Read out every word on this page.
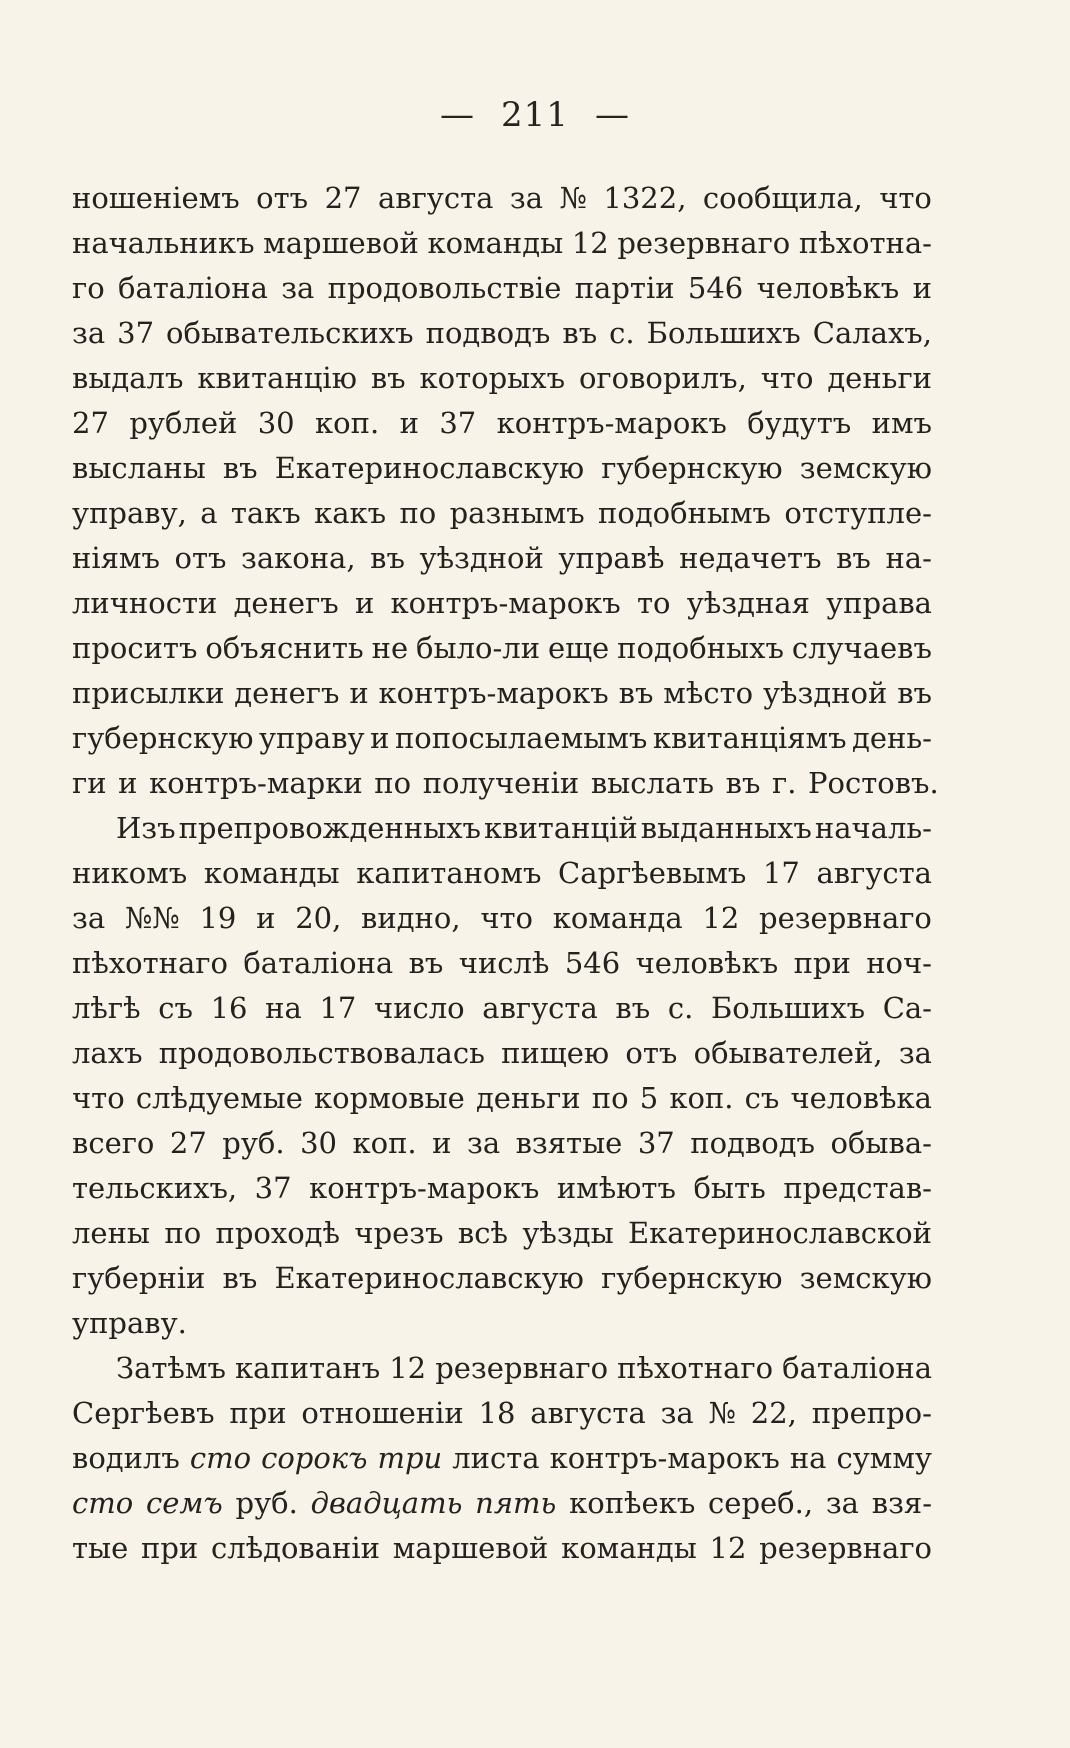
— 211 —
ношеніемъ отъ 27 августа за № 1322, сообщила, что
начальникъ маршевой команды 12 резервнаго пѣхотна-
го баталіона за продовольствіе партіи 546 человѣкъ и
за 37 обывательскихъ подводъ въ с. Большихъ Салахъ,
выдалъ квитанцію въ которыхъ оговорилъ, что деньги
27 рублей 30 коп. и 37 контръ-марокъ будутъ имъ
высланы въ Екатеринославскую губернскую земскую
управу, а такъ какъ по разнымъ подобнымъ отступле-
ніямъ отъ закона, въ уѣздной управѣ недачетъ въ на-
личности денегъ и контръ-марокъ то уѣздная управа
проситъ объяснить не было-ли еще подобныхъ случаевъ
присылки денегъ и контръ-марокъ въ мѣсто уѣздной въ
губернскую управу и попосылаемымъ квитанціямъ день-
ги и контръ-марки по полученіи выслать въ г. Ростовъ.
Изъ препровожденныхъ квитанцій выданныхъ началь-
никомъ команды капитаномъ Саргѣевымъ 17 августа
за №№ 19 и 20, видно, что команда 12 резервнаго
пѣхотнаго баталіона въ числѣ 546 человѣкъ при ноч-
лѣгѣ съ 16 на 17 число августа въ с. Большихъ Са-
лахъ продовольствовалась пищею отъ обывателей, за
что слѣдуемые кормовые деньги по 5 коп. съ человѣка
всего 27 руб. 30 коп. и за взятые 37 подводъ обыва-
тельскихъ, 37 контръ-марокъ имѣютъ быть представ-
лены по проходѣ чрезъ всѣ уѣзды Екатеринославской
губерніи въ Екатеринославскую губернскую земскую
управу.
Затѣмъ капитанъ 12 резервнаго пѣхотнаго баталіона
Сергѣевъ при отношеніи 18 августа за № 22, препро-
водилъ сто сорокъ три листа контръ-марокъ на сумму
сто семъ руб. двадцать пять копѣекъ сереб., за взя-
тые при слѣдованіи маршевой команды 12 резервнаго
